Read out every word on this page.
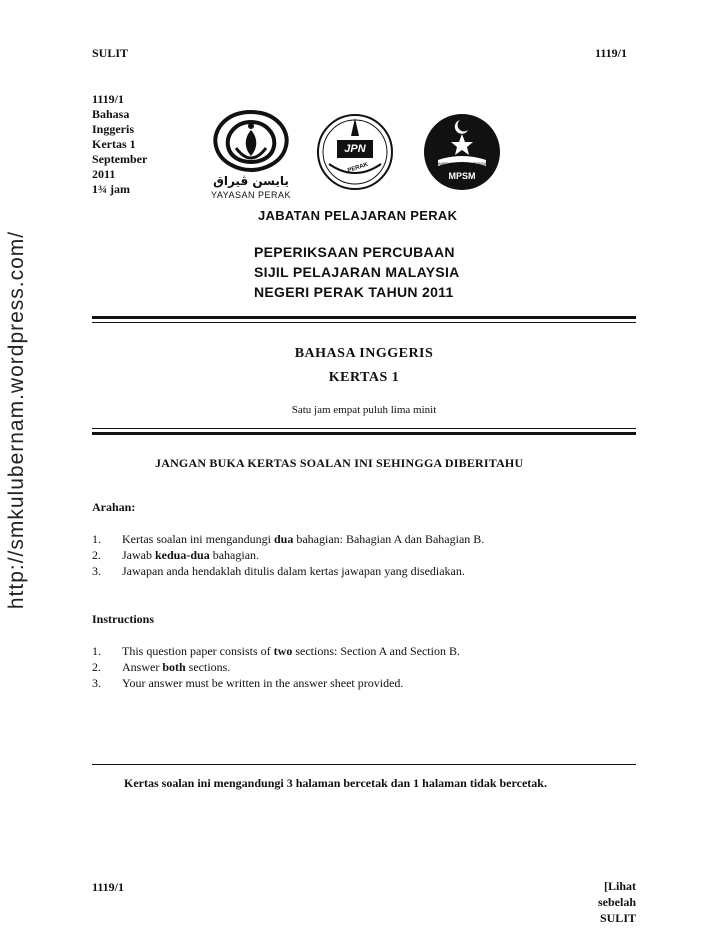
http://smkuluberna​m.wordpress.com/
SULIT	1119/1
1119/1
Bahasa
Inggeris
Kertas 1
September
2011
1¾ jam
يايسن ڤيراق
YAYASAN PERAK
JPN
PERAK	KEPIMPINAN	BERSATU
MPSM
JABATAN PELAJARAN PERAK
PEPERIKSAAN PERCUBAAN
SIJIL PELAJARAN MALAYSIA
NEGERI PERAK TAHUN 2011
BAHASA INGGERIS
KERTAS 1
Satu jam empat puluh lima minit
JANGAN BUKA KERTAS SOALAN INI SEHINGGA DIBERITAHU
Arahan:
1.	Kertas soalan ini mengandungi dua bahagian: Bahagian A dan Bahagian B.
2.	Jawab kedua-dua bahagian.
3.	Jawapan anda hendaklah ditulis dalam kertas jawapan yang disediakan.
Instructions
1.	This question paper consists of two sections: Section A and Section B.
2.	Answer both sections.
3.	Your answer must be written in the answer sheet provided.
Kertas soalan ini mengandungi 3 halaman bercetak dan 1 halaman tidak bercetak.
1119/1	[Lihat sebelah
SULIT
